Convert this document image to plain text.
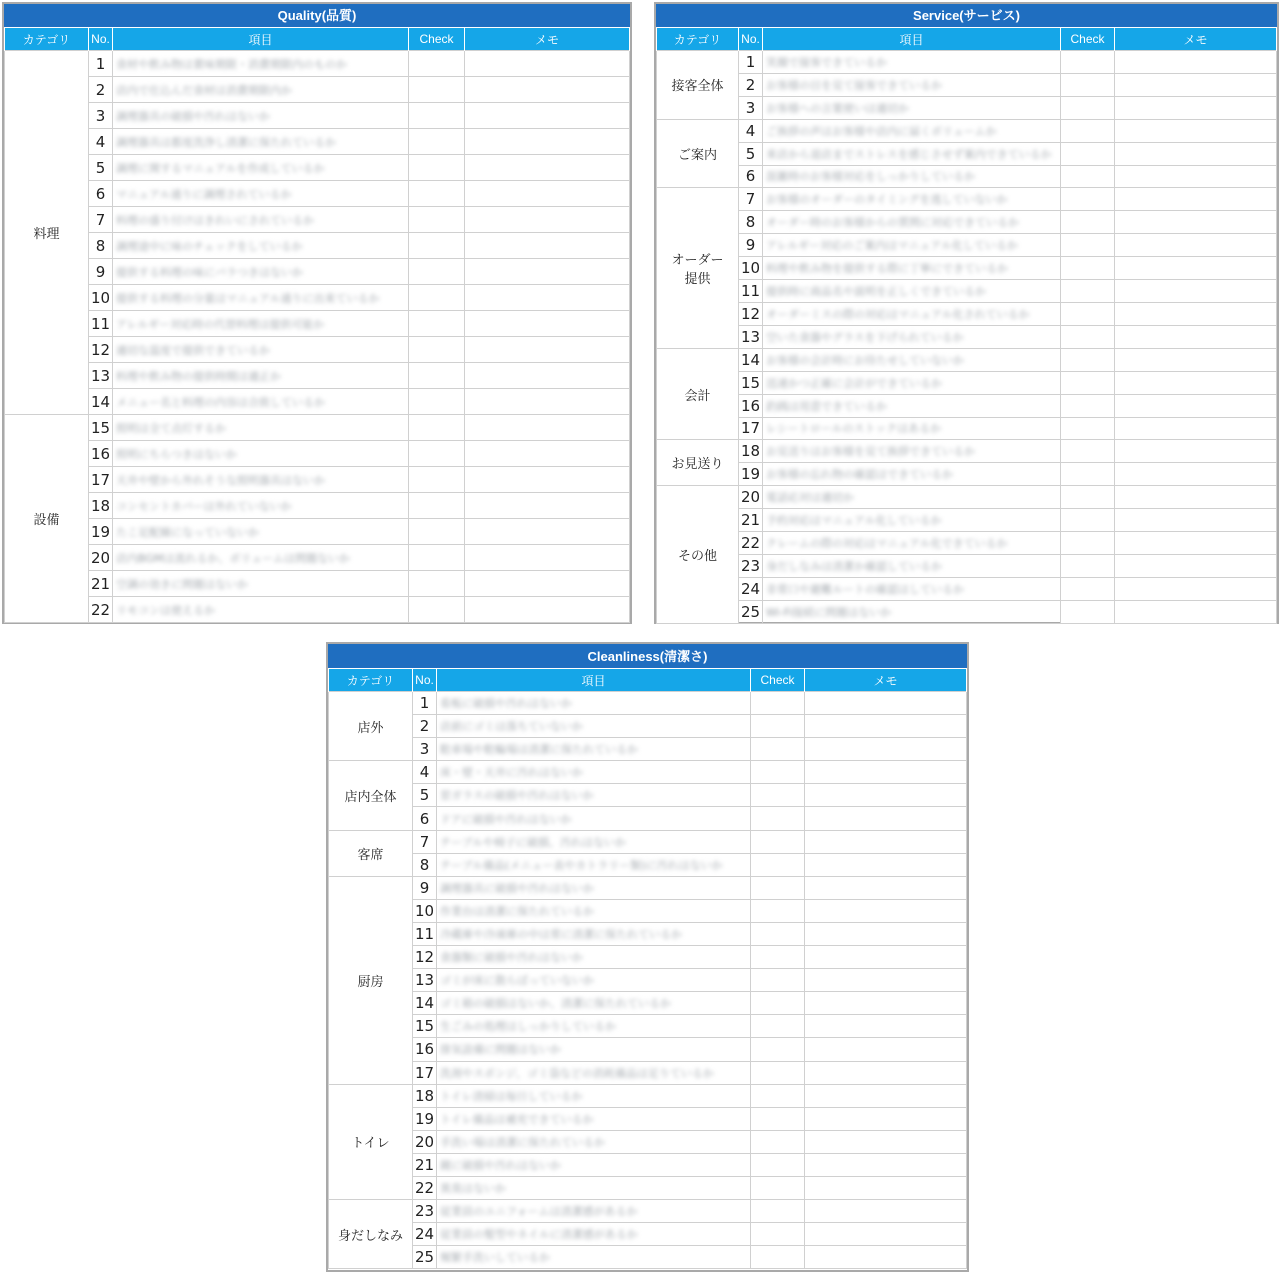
Quality(品質)
カテゴリ	No.	項目	Check	メモ
料理	1	食材や飲み物は賞味期限・消費期限内のものか		
	2	店内で仕込んだ食材は消費期限内か		
	3	調理器具の破損や汚れはないか		
	4	調理器具は都度洗浄し清潔に保たれているか		
	5	調理に関するマニュアルを作成しているか		
	6	マニュアル通りに調理されているか		
	7	料理の盛り付けはきれいにされているか		
	8	調理途中に味のチェックをしているか		
	9	提供する料理の味にバラつきはないか		
	10	提供する料理の分量はマニュアル通りに出来ているか		
	11	アレルギー対応時の代替料理は提供可能か		
	12	適切な温度で提供できているか		
	13	料理や飲み物の提供時間は適正か		
	14	メニュー名と料理の内容は合致しているか		
設備	15	照明は全て点灯するか		
	16	照明にちらつきはないか		
	17	天井や壁から外れそうな照明器具はないか		
	18	コンセントカバーは外れていないか		
	19	たこ足配線になっていないか		
	20	店内BGMは流れるか、ボリュームは問題ないか		
	21	空調の効きに問題はないか		
	22	リモコンは使えるか		
Service(サービス)
カテゴリ	No.	項目	Check	メモ
接客全体	1	笑顔で接客できているか		
	2	お客様の目を見て接客できているか		
	3	お客様への言葉使いは適切か		
ご案内	4	ご挨拶の声はお客様や店内に届くボリュームか		
	5	来店から退店までストレスを感じさせず案内できているか		
	6	混雑時のお客様対応をしっかりしているか		
オーダー
提供	7	お客様のオーダーのタイミングを逃していないか		
	8	オーダー時のお客様からの質問に対応できているか		
	9	アレルギー対応のご案内はマニュアル化しているか		
	10	料理や飲み物を提供する際に丁寧にできているか		
	11	提供時に商品名や説明を正しくできているか		
	12	オーダーミスの際の対応はマニュアル化されているか		
	13	空いた食器やグラスを下げられているか		
会計	14	お客様の会計時にお待たせしていないか		
	15	迅速かつ正確に会計ができているか		
	16	釣銭は用意できているか		
	17	レシートロールのストックはあるか		
お見送り	18	お見送りはお客様を見て挨拶できているか		
	19	お客様の忘れ物の確認はできているか		
その他	20	電話応対は適切か		
	21	予約対応はマニュアル化しているか		
	22	クレームの際の対応はマニュアル化できているか		
	23	身だしなみは清潔か確認しているか		
	24	非常口や避難ルートの確認はしているか		
	25	Wi-Fi接続に問題はないか		
Cleanliness(清潔さ)
カテゴリ	No.	項目	Check	メモ
店外	1	看板に破損や汚れはないか		
	2	店前にゴミは落ちていないか		
	3	駐車場や駐輪場は清潔に保たれているか		
店内全体	4	床・壁・天井に汚れはないか		
	5	窓ガラスの破損や汚れはないか		
	6	ドアに破損や汚れはないか		
客席	7	テーブルや椅子に破損、汚れはないか		
	8	テーブル備品(メニュー表やカトラリー類)に汚れはないか		
厨房	9	調理器具に破損や汚れはないか		
	10	作業台は清潔に保たれているか		
	11	冷蔵庫や冷凍庫の中は常に清潔に保たれているか		
	12	食器類に破損や汚れはないか		
	13	ゴミが床に散らばっていないか		
	14	ゴミ箱の破損はないか、清潔に保たれているか		
	15	生ごみの処理はしっかりしているか		
	16	排気設備に問題はないか		
	17	洗剤やスポンジ、ゴミ袋などの消耗備品は足りているか		
トイレ	18	トイレ清掃は毎日しているか		
	19	トイレ備品は補充できているか		
	20	手洗い場は清潔に保たれているか		
	21	鏡に破損や汚れはないか		
	22	異臭はないか		
身だしなみ	23	従業員のユニフォームは清潔感があるか		
	24	従業員の髪型やネイルに清潔感があるか		
	25	頻繁手洗いしているか		
